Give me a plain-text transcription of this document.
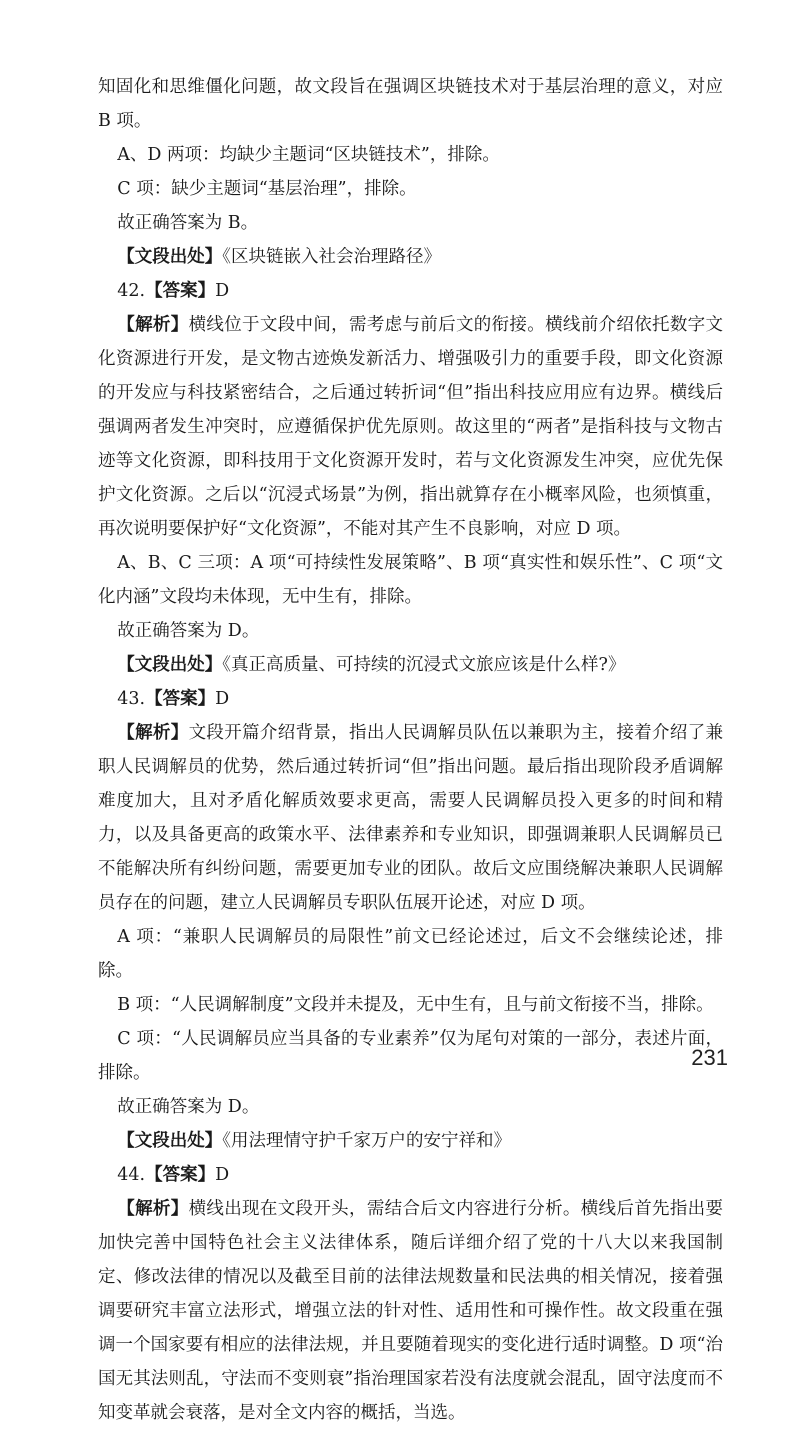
知固化和思维僵化问题，故文段旨在强调区块链技术对于基层治理的意义，对应 B 项。

A、D 两项：均缺少主题词“区块链技术”，排除。

C 项：缺少主题词“基层治理”，排除。

故正确答案为 B。

【文段出处】《区块链嵌入社会治理路径》

42.【答案】D

【解析】横线位于文段中间，需考虑与前后文的衔接。横线前介绍依托数字文化资源进行开发，是文物古迹焕发新活力、增强吸引力的重要手段，即文化资源的开发应与科技紧密结合，之后通过转折词“但”指出科技应用应有边界。横线后强调两者发生冲突时，应遵循保护优先原则。故这里的“两者”是指科技与文物古迹等文化资源，即科技用于文化资源开发时，若与文化资源发生冲突，应优先保护文化资源。之后以“沉浸式场景”为例，指出就算存在小概率风险，也须慎重，再次说明要保护好“文化资源”，不能对其产生不良影响，对应 D 项。

A、B、C 三项：A 项“可持续性发展策略”、B 项“真实性和娱乐性”、C 项“文化内涵”文段均未体现，无中生有，排除。

故正确答案为 D。

【文段出处】《真正高质量、可持续的沉浸式文旅应该是什么样?》

43.【答案】D

【解析】文段开篇介绍背景，指出人民调解员队伍以兼职为主，接着介绍了兼职人民调解员的优势，然后通过转折词“但”指出问题。最后指出现阶段矛盾调解难度加大，且对矛盾化解质效要求更高，需要人民调解员投入更多的时间和精力，以及具备更高的政策水平、法律素养和专业知识，即强调兼职人民调解员已不能解决所有纠纷问题，需要更加专业的团队。故后文应围绕解决兼职人民调解员存在的问题，建立人民调解员专职队伍展开论述，对应 D 项。

A 项：“兼职人民调解员的局限性”前文已经论述过，后文不会继续论述，排除。

B 项：“人民调解制度”文段并未提及，无中生有，且与前文衔接不当，排除。

C 项：“人民调解员应当具备的专业素养”仅为尾句对策的一部分，表述片面，排除。

故正确答案为 D。

【文段出处】《用法理情守护千家万户的安宁祥和》

44.【答案】D

【解析】横线出现在文段开头，需结合后文内容进行分析。横线后首先指出要加快完善中国特色社会主义法律体系，随后详细介绍了党的十八大以来我国制定、修改法律的情况以及截至目前的法律法规数量和民法典的相关情况，接着强调要研究丰富立法形式，增强立法的针对性、适用性和可操作性。故文段重在强调一个国家要有相应的法律法规，并且要随着现实的变化进行适时调整。D 项“治国无其法则乱，守法而不变则衰”指治理国家若没有法度就会混乱，固守法度而不知变革就会衰落，是对全文内容的概括，当选。

231
